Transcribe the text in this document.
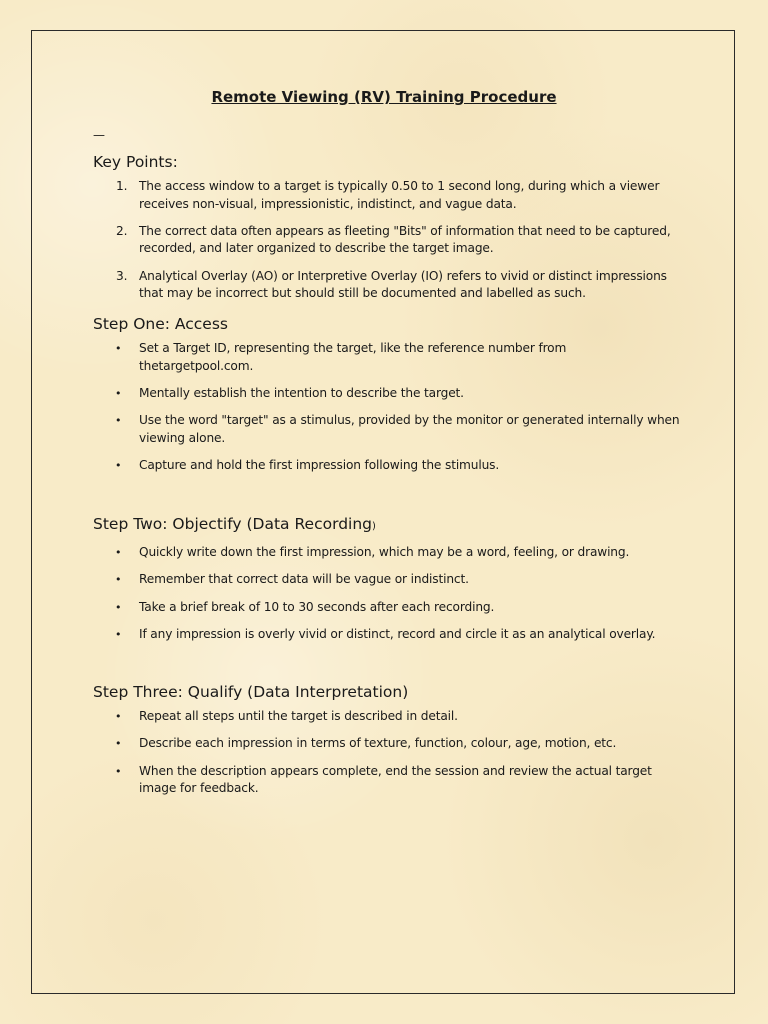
Remote Viewing (RV) Training Procedure
—
Key Points:
1. The access window to a target is typically 0.50 to 1 second long, during which a viewer receives non-visual, impressionistic, indistinct, and vague data.
2. The correct data often appears as fleeting "Bits" of information that need to be captured, recorded, and later organized to describe the target image.
3. Analytical Overlay (AO) or Interpretive Overlay (IO) refers to vivid or distinct impressions that may be incorrect but should still be documented and labelled as such.
Step One: Access
• Set a Target ID, representing the target, like the reference number from thetargetpool.com.
• Mentally establish the intention to describe the target.
• Use the word "target" as a stimulus, provided by the monitor or generated internally when viewing alone.
• Capture and hold the first impression following the stimulus.
Step Two: Objectify (Data Recording)
• Quickly write down the first impression, which may be a word, feeling, or drawing.
• Remember that correct data will be vague or indistinct.
• Take a brief break of 10 to 30 seconds after each recording.
• If any impression is overly vivid or distinct, record and circle it as an analytical overlay.
Step Three: Qualify (Data Interpretation)
• Repeat all steps until the target is described in detail.
• Describe each impression in terms of texture, function, colour, age, motion, etc.
• When the description appears complete, end the session and review the actual target image for feedback.
